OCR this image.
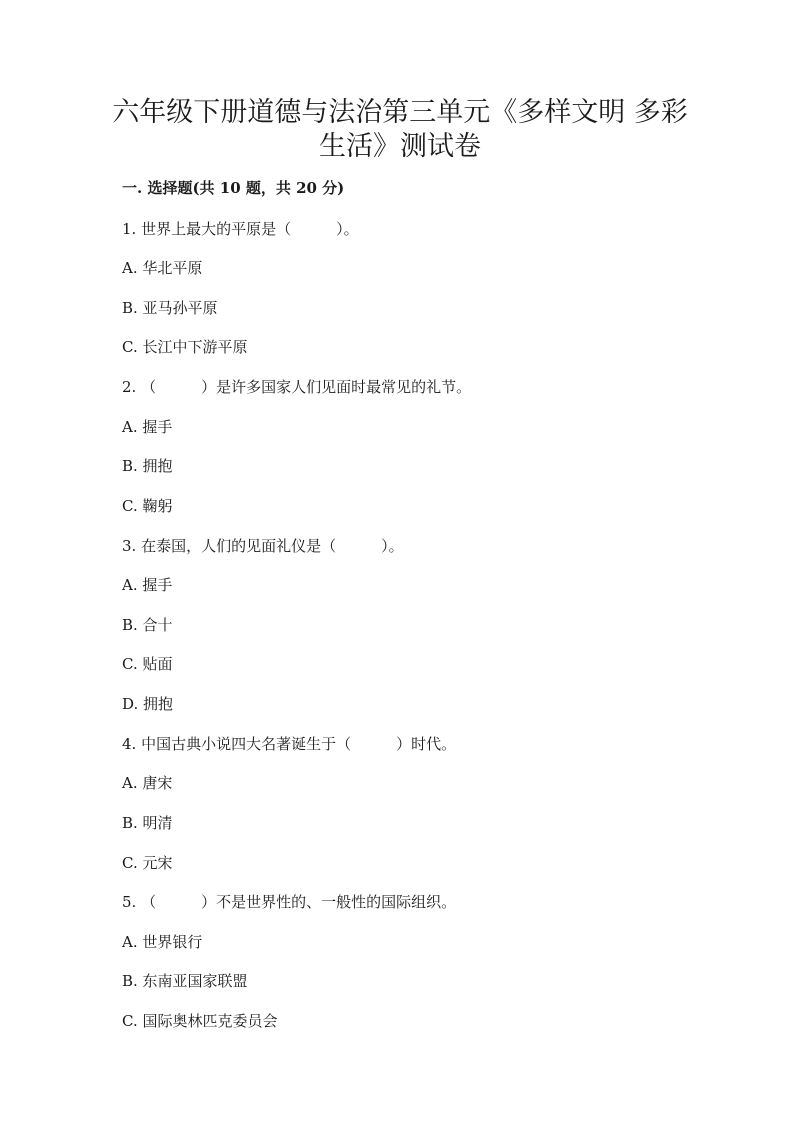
六年级下册道德与法治第三单元《多样文明 多彩生活》测试卷
一. 选择题(共 10 题，共 20 分)
1. 世界上最大的平原是（　　　）。
A. 华北平原
B. 亚马孙平原
C. 长江中下游平原
2. （　　　）是许多国家人们见面时最常见的礼节。
A. 握手
B. 拥抱
C. 鞠躬
3. 在泰国，人们的见面礼仪是（　　　）。
A. 握手
B. 合十
C. 贴面
D. 拥抱
4. 中国古典小说四大名著诞生于（　　　）时代。
A. 唐宋
B. 明清
C. 元宋
5. （　　　）不是世界性的、一般性的国际组织。
A. 世界银行
B. 东南亚国家联盟
C. 国际奥林匹克委员会
